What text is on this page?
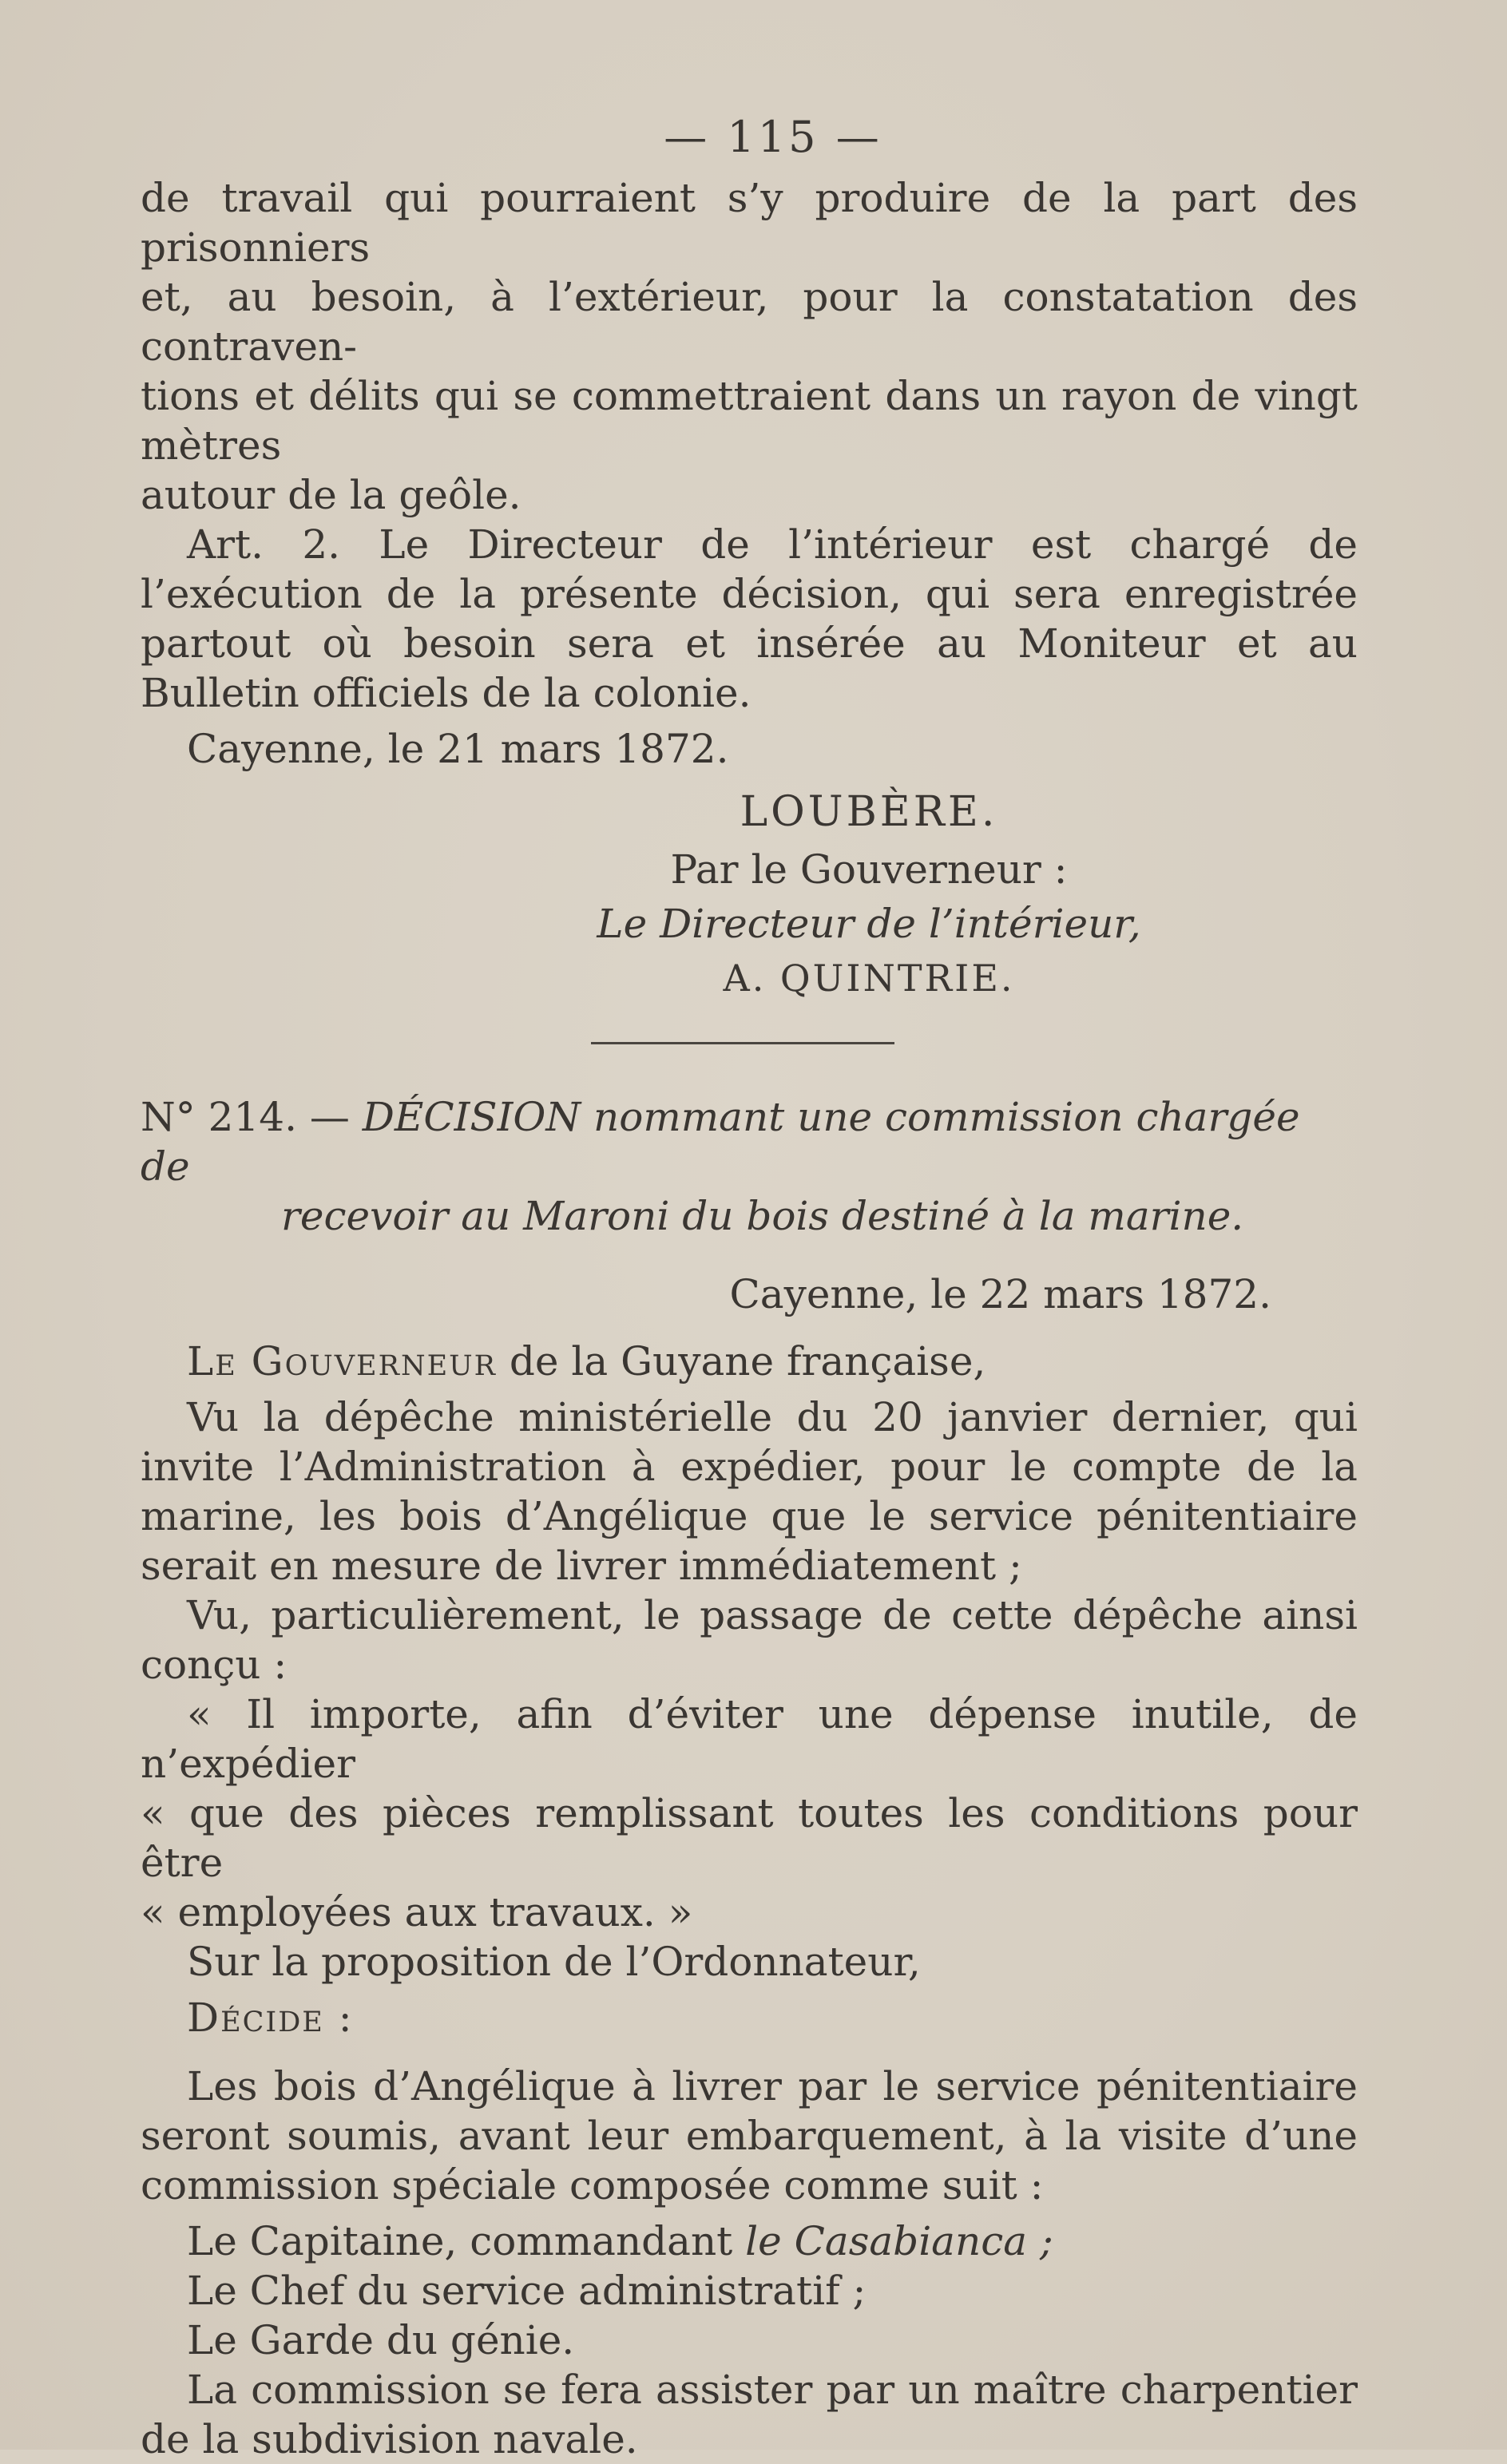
— 115 —

de travail qui pourraient s’y produire de la part des prisonniers

et, au besoin, à l’extérieur, pour la constatation des contraven-

tions et délits qui se commettraient dans un rayon de vingt mètres

autour de la geôle.

Art. 2. Le Directeur de l’intérieur est chargé de l’exécution de la présente décision, qui sera enregistrée partout où besoin sera et insérée au Moniteur et au Bulletin officiels de la colonie.

Cayenne, le 21 mars 1872.

LOUBÈRE.
Par le Gouverneur :
Le Directeur de l’intérieur,
A. QUINTRIE.
N° 214. — DÉCISION nommant une commission chargée de
recevoir au Maroni du bois destiné à la marine.
Cayenne, le 22 mars 1872.

Le Gouverneur de la Guyane française,

Vu la dépêche ministérielle du 20 janvier dernier, qui invite l’Administration à expédier, pour le compte de la marine, les bois d’Angélique que le service pénitentiaire serait en mesure de livrer immédiatement ;

Vu, particulièrement, le passage de cette dépêche ainsi conçu :

« Il importe, afin d’éviter une dépense inutile, de n’expédier

« que des pièces remplissant toutes les conditions pour être

« employées aux travaux. »

Sur la proposition de l’Ordonnateur,

Décide :

Les bois d’Angélique à livrer par le service pénitentiaire seront soumis, avant leur embarquement, à la visite d’une commission spéciale composée comme suit :

Le Capitaine, commandant le Casabianca ;

Le Chef du service administratif ;

Le Garde du génie.

La commission se fera assister par un maître charpentier de la subdivision navale.
